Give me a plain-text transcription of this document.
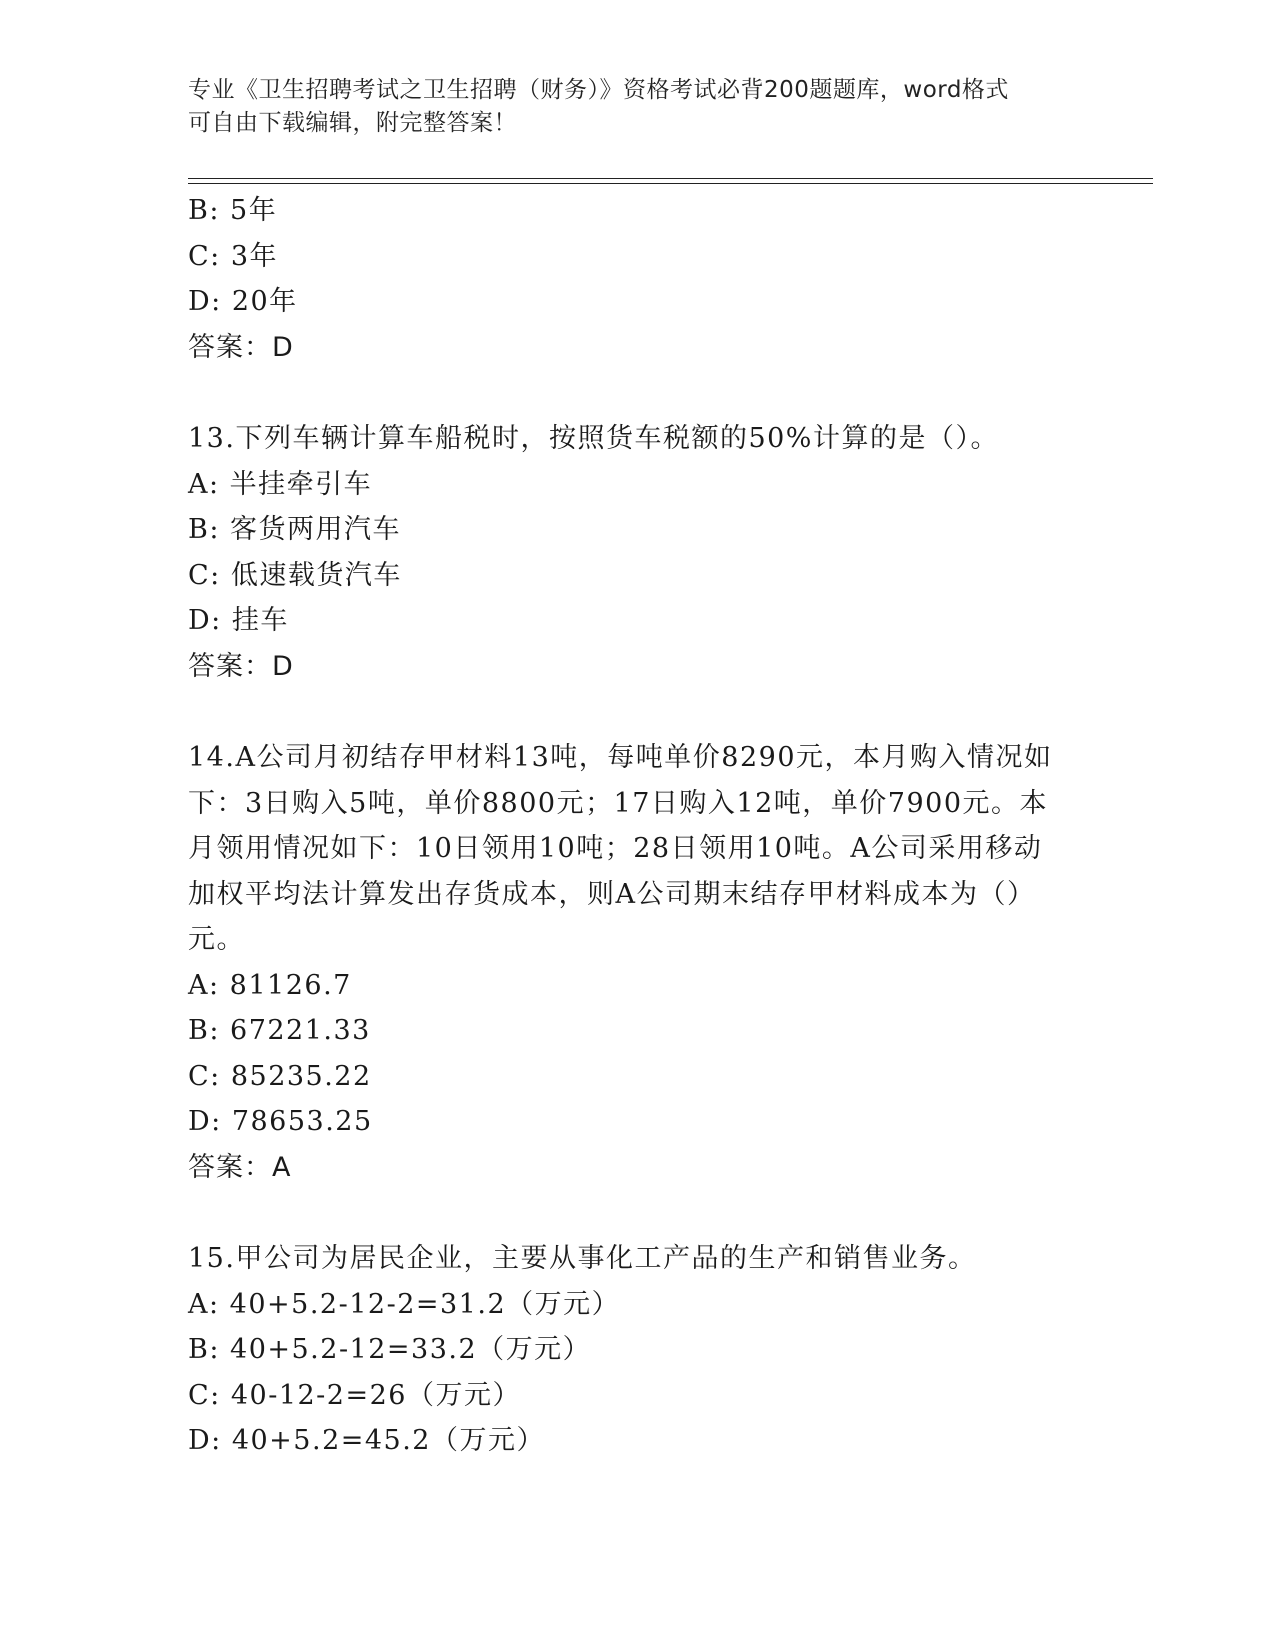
专业《卫生招聘考试之卫生招聘（财务）》资格考试必背200题题库，word格式
可自由下载编辑，附完整答案！
B: 5年
C: 3年
D: 20年
答案：D
13.下列车辆计算车船税时，按照货车税额的50%计算的是（）。
A: 半挂牵引车
B: 客货两用汽车
C: 低速载货汽车
D: 挂车
答案：D
14.A公司月初结存甲材料13吨，每吨单价8290元，本月购入情况如
下：3日购入5吨，单价8800元；17日购入12吨，单价7900元。本
月领用情况如下：10日领用10吨；28日领用10吨。A公司采用移动
加权平均法计算发出存货成本，则A公司期末结存甲材料成本为（）
元。
A: 81126.7
B: 67221.33
C: 85235.22
D: 78653.25
答案：A
15.甲公司为居民企业，主要从事化工产品的生产和销售业务。
A: 40+5.2-12-2=31.2（万元）
B: 40+5.2-12=33.2（万元）
C: 40-12-2=26（万元）
D: 40+5.2=45.2（万元）
